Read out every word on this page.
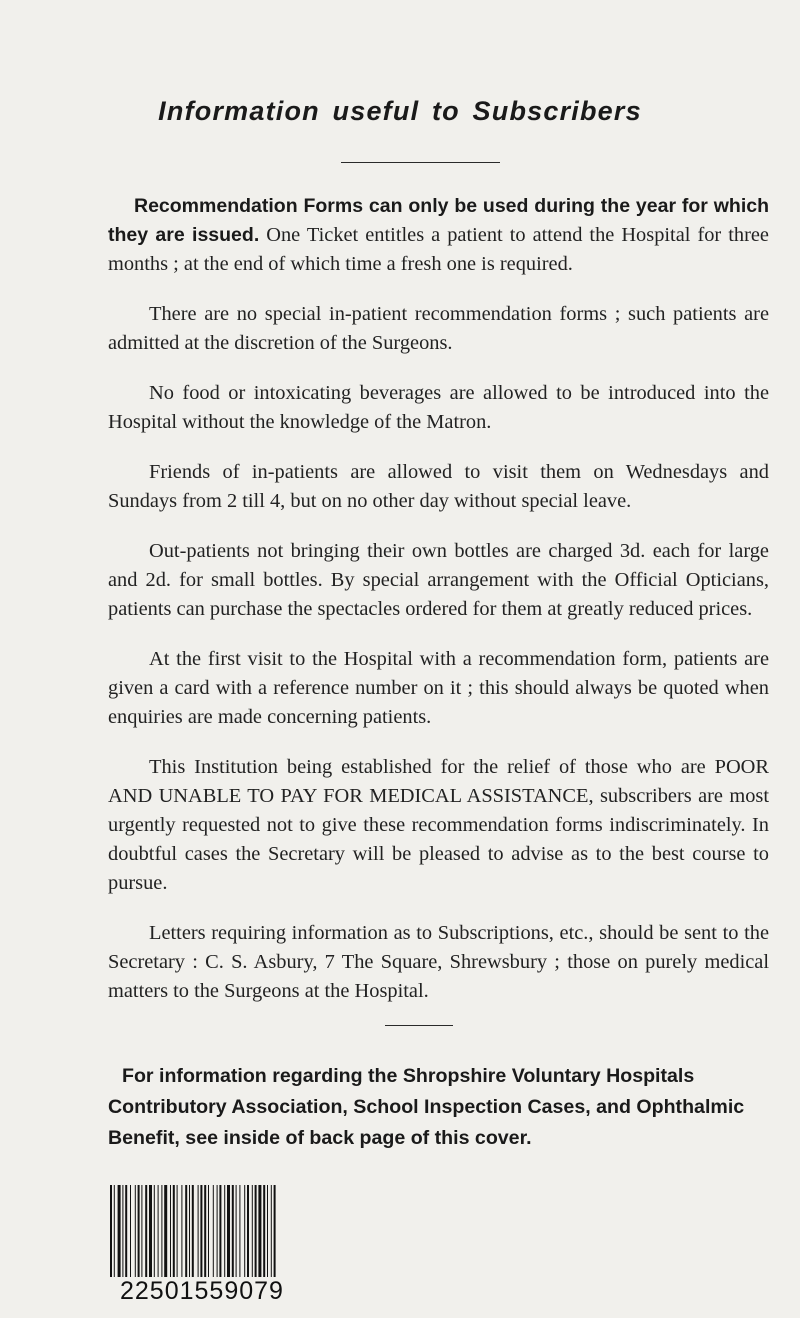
Information useful to Subscribers

Recommendation Forms can only be used during the year for which they are issued. One Ticket entitles a patient to attend the Hospital for three months ; at the end of which time a fresh one is required.

There are no special in-patient recommendation forms ; such patients are admitted at the discretion of the Surgeons.

No food or intoxicating beverages are allowed to be introduced into the Hospital without the knowledge of the Matron.

Friends of in-patients are allowed to visit them on Wednesdays and Sundays from 2 till 4, but on no other day without special leave.

Out-patients not bringing their own bottles are charged 3d. each for large and 2d. for small bottles. By special arrangement with the Official Opticians, patients can purchase the spectacles ordered for them at greatly reduced prices.

At the first visit to the Hospital with a recommendation form, patients are given a card with a reference number on it ; this should always be quoted when enquiries are made concerning patients.

This Institution being established for the relief of those who are POOR AND UNABLE TO PAY FOR MEDICAL ASSISTANCE, subscribers are most urgently requested not to give these recommendation forms indiscriminately. In doubtful cases the Secretary will be pleased to advise as to the best course to pursue.

Letters requiring information as to Subscriptions, etc., should be sent to the Secretary : C. S. Asbury, 7 The Square, Shrewsbury ; those on purely medical matters to the Surgeons at the Hospital.

For information regarding the Shropshire Voluntary Hospitals Contributory Association, School Inspection Cases, and Ophthalmic Benefit, see inside of back page of this cover.
22501559079
